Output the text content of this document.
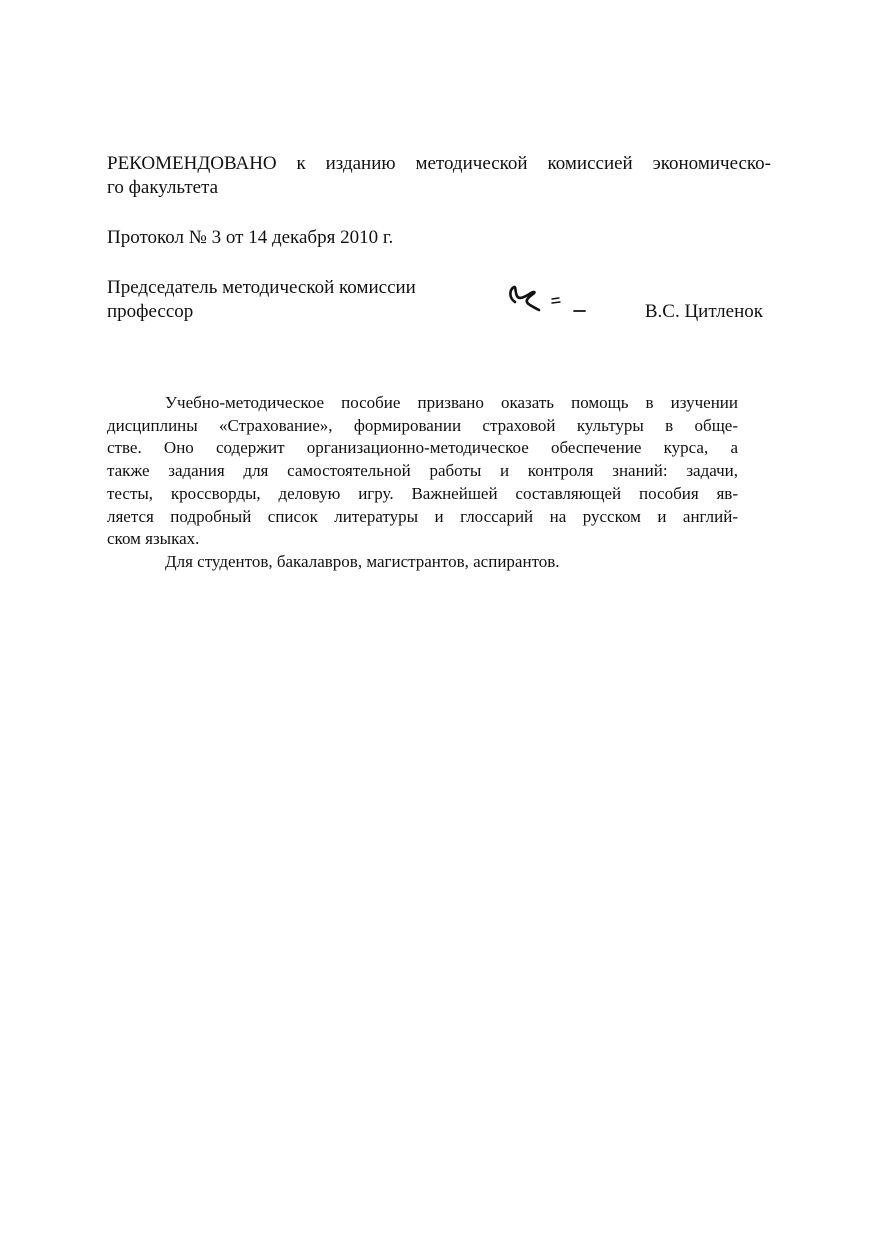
РЕКОМЕНДОВАНО к изданию методической комиссией экономическо-
го факультета

Протокол № 3 от 14 декабря 2010 г.

Председатель методической комиссии
профессор	В.С. Цитленок

Учебно-методическое пособие призвано оказать помощь в изучении
дисциплины «Страхование», формировании страховой культуры в обще-
стве. Оно содержит организационно-методическое обеспечение курса, а
также задания для самостоятельной работы и контроля знаний: задачи,
тесты, кроссворды, деловую игру. Важнейшей составляющей пособия яв-
ляется подробный список литературы и глоссарий на русском и англий-
ском языках.

Для студентов, бакалавров, магистрантов, аспирантов.
